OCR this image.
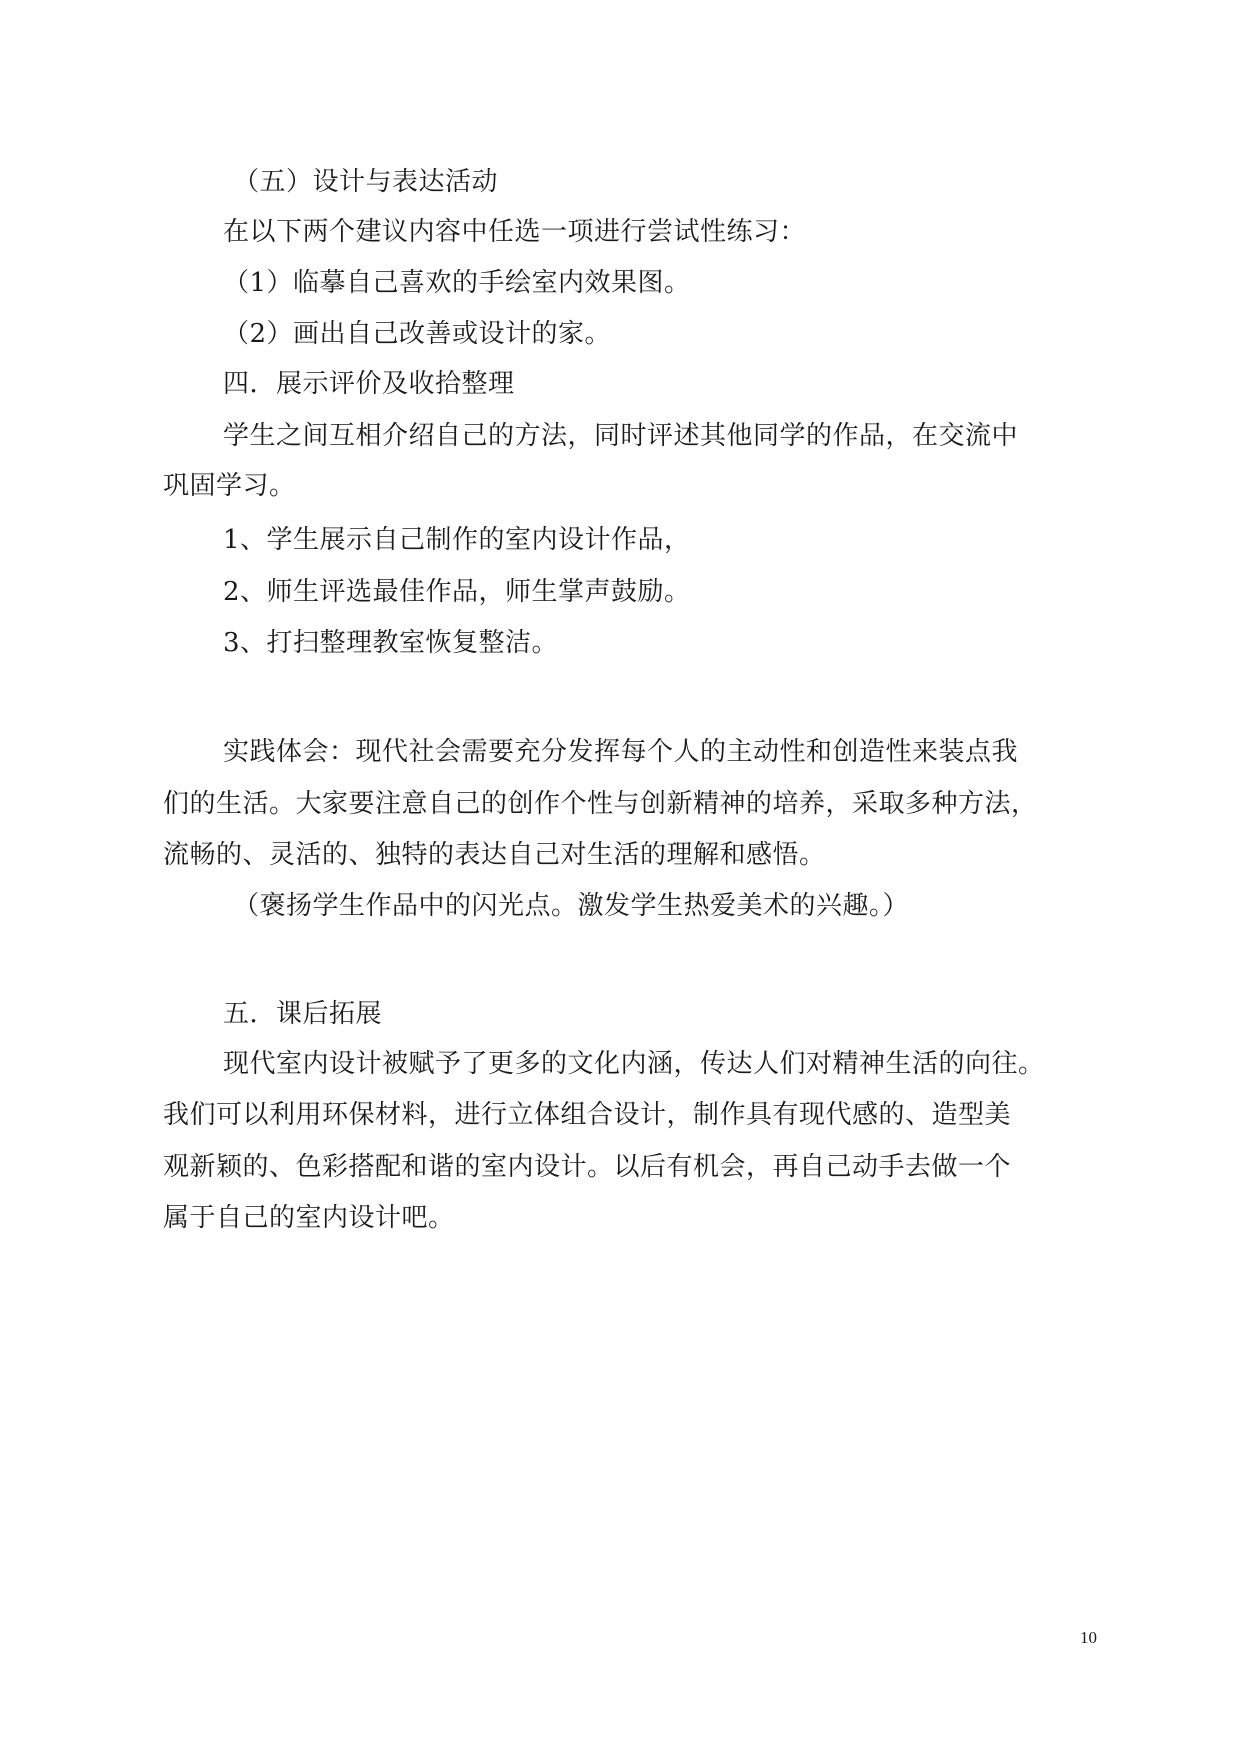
（五）设计与表达活动
在以下两个建议内容中任选一项进行尝试性练习：
（1）临摹自己喜欢的手绘室内效果图。
（2）画出自己改善或设计的家。
四．展示评价及收拾整理
学生之间互相介绍自己的方法，同时评述其他同学的作品，在交流中
巩固学习。
1、学生展示自己制作的室内设计作品，
2、师生评选最佳作品，师生掌声鼓励。
3、打扫整理教室恢复整洁。
实践体会：现代社会需要充分发挥每个人的主动性和创造性来装点我
们的生活。大家要注意自己的创作个性与创新精神的培养，采取多种方法，
流畅的、灵活的、独特的表达自己对生活的理解和感悟。
（褒扬学生作品中的闪光点。激发学生热爱美术的兴趣。）
五．课后拓展
现代室内设计被赋予了更多的文化内涵，传达人们对精神生活的向往。
我们可以利用环保材料，进行立体组合设计，制作具有现代感的、造型美
观新颖的、色彩搭配和谐的室内设计。以后有机会，再自己动手去做一个
属于自己的室内设计吧。
10
